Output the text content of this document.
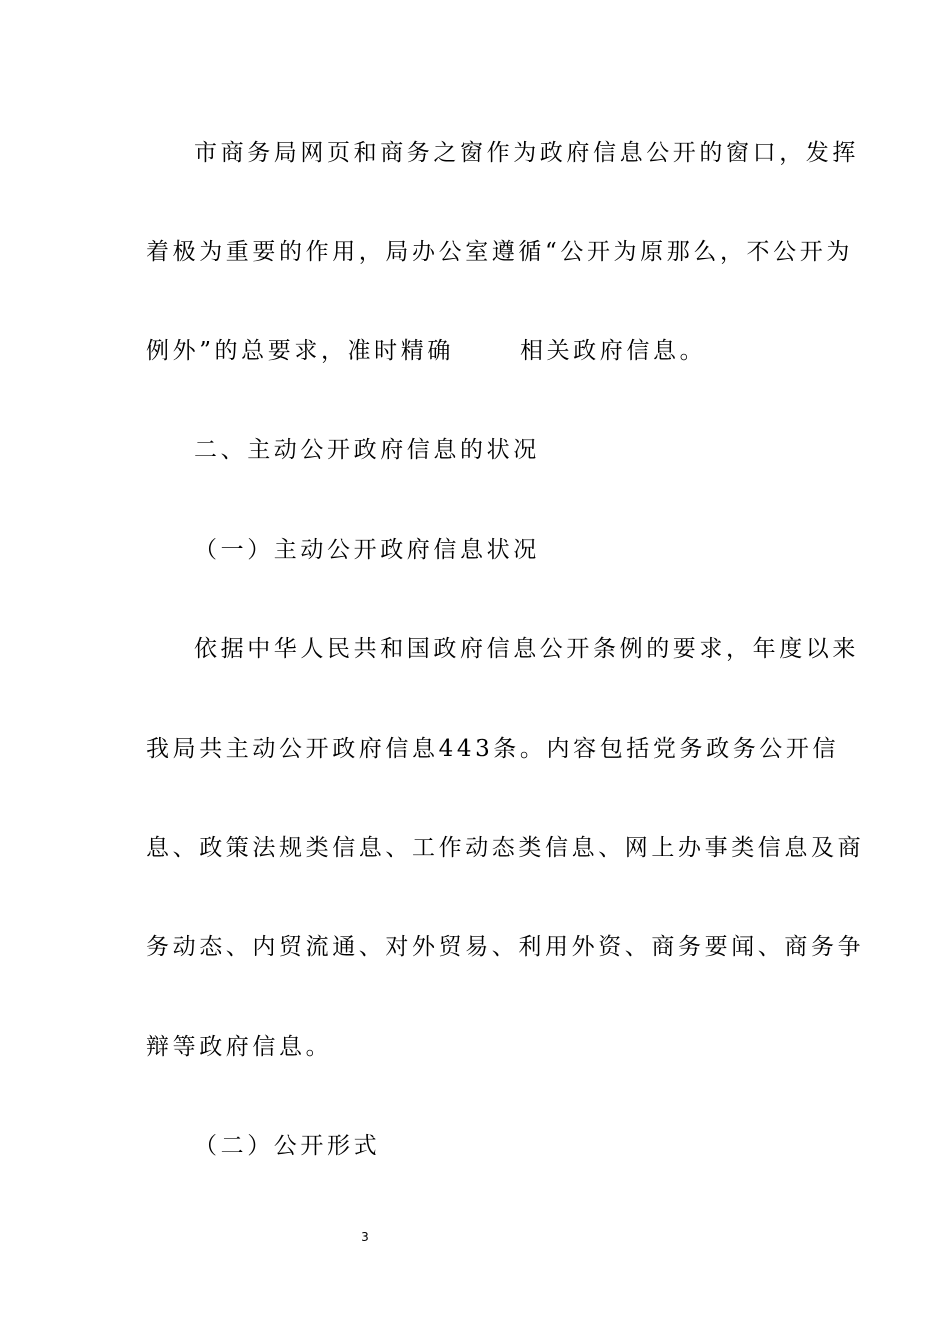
市商务局网页和商务之窗作为政府信息公开的窗口，发挥
着极为重要的作用，局办公室遵循“公开为原那么，不公开为
例外”的总要求，准时精确	相关政府信息。
二、主动公开政府信息的状况
（一）主动公开政府信息状况
依据中华人民共和国政府信息公开条例的要求，年度以来
我局共主动公开政府信息443条。内容包括党务政务公开信
息、政策法规类信息、工作动态类信息、网上办事类信息及商
务动态、内贸流通、对外贸易、利用外资、商务要闻、商务争
辩等政府信息。
（二）公开形式
3
